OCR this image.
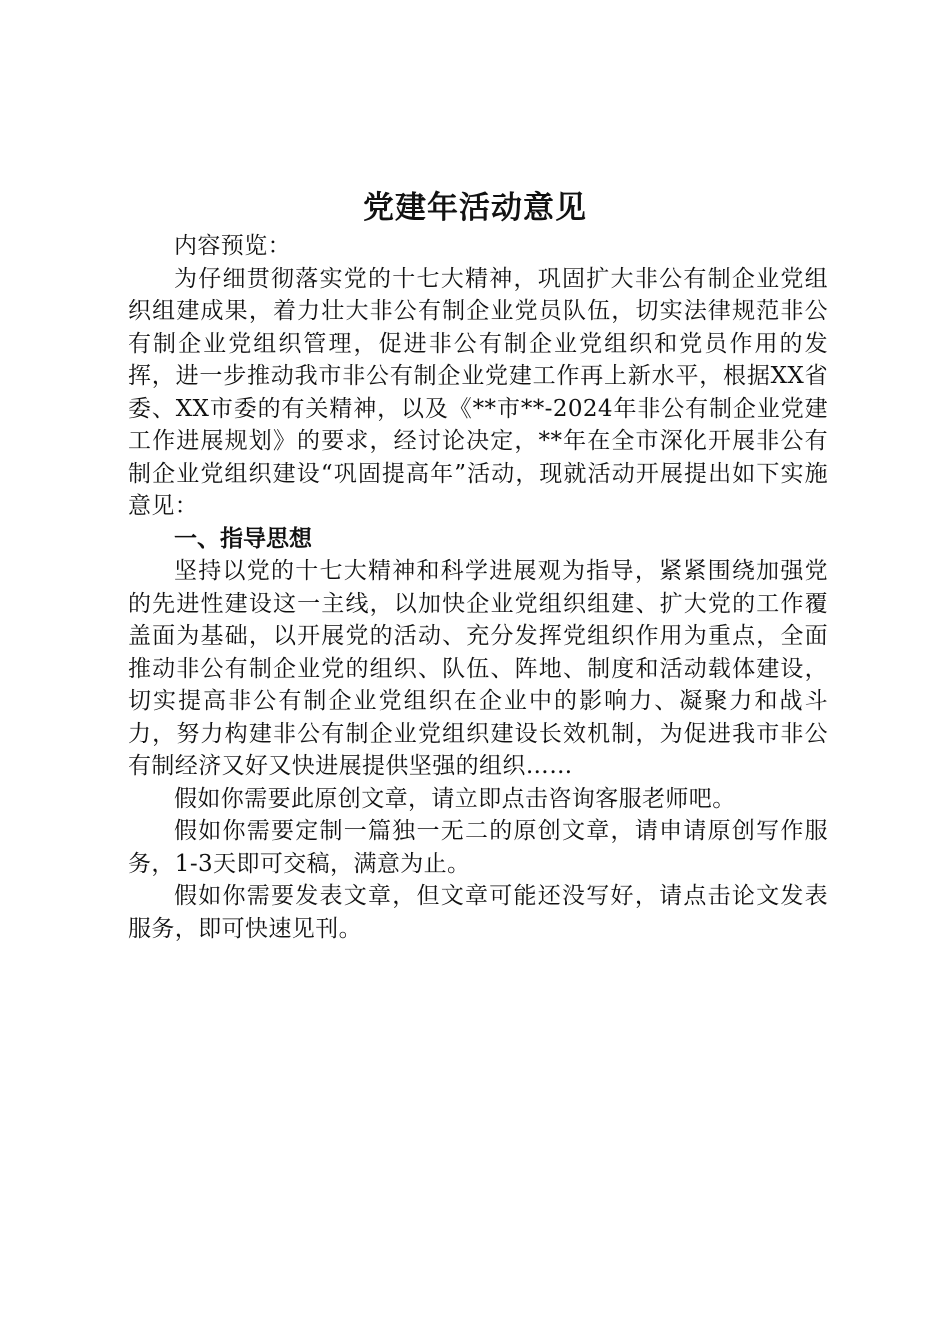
党建年活动意见

内容预览：

为仔细贯彻落实党的十七大精神，巩固扩大非公有制企业党组织组建成果，着力壮大非公有制企业党员队伍，切实法律规范非公有制企业党组织管理，促进非公有制企业党组织和党员作用的发挥，进一步推动我市非公有制企业党建工作再上新水平，根据XX省委、XX市委的有关精神，以及《**市**-2024年非公有制企业党建工作进展规划》的要求，经讨论决定，**年在全市深化开展非公有制企业党组织建设“巩固提高年”活动，现就活动开展提出如下实施意见：

一、指导思想

坚持以党的十七大精神和科学进展观为指导，紧紧围绕加强党的先进性建设这一主线，以加快企业党组织组建、扩大党的工作覆盖面为基础，以开展党的活动、充分发挥党组织作用为重点，全面推动非公有制企业党的组织、队伍、阵地、制度和活动载体建设，切实提高非公有制企业党组织在企业中的影响力、凝聚力和战斗力，努力构建非公有制企业党组织建设长效机制，为促进我市非公有制经济又好又快进展提供坚强的组织……

假如你需要此原创文章，请立即点击咨询客服老师吧。

假如你需要定制一篇独一无二的原创文章，请申请原创写作服务，1-3天即可交稿，满意为止。

假如你需要发表文章，但文章可能还没写好，请点击论文发表服务，即可快速见刊。
